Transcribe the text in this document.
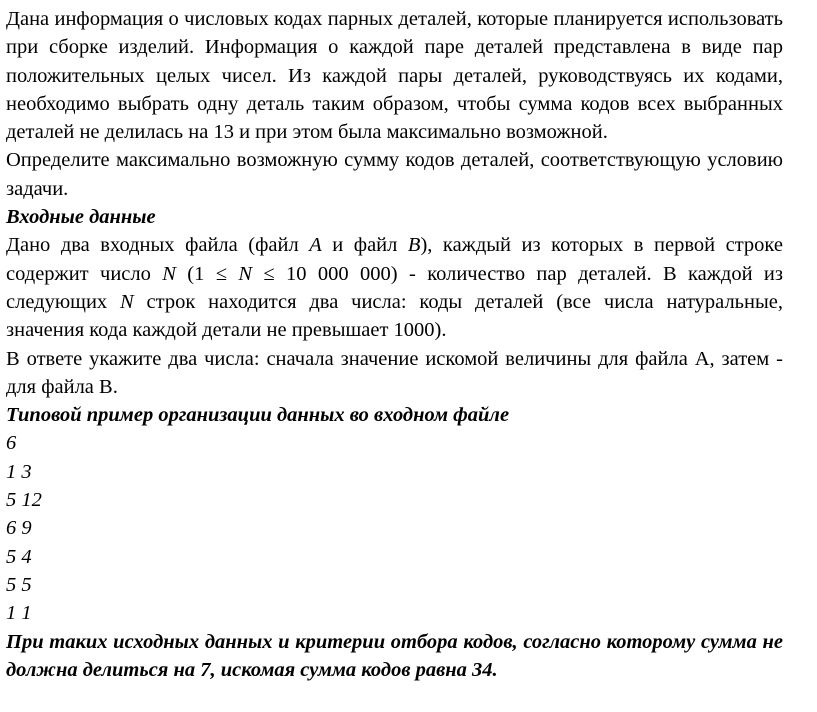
Дана информация о числовых кодах парных деталей, которые планируется использовать при сборке изделий. Информация о каждой паре деталей представлена в виде пар положительных целых чисел. Из каждой пары деталей, руководствуясь их кодами, необходимо выбрать одну деталь таким образом, чтобы сумма кодов всех выбранных деталей не делилась на 13 и при этом была максимально возможной.

Определите максимально возможную сумму кодов деталей, соответствующую условию задачи.

Входные данные

Дано два входных файла (файл A и файл B), каждый из которых в первой строке содержит число N (1 ≤ N ≤ 10 000 000) - количество пар деталей. В каждой из следующих N строк находится два числа: коды деталей (все числа натуральные, значения кода каждой детали не превышает 1000).

В ответе укажите два числа: сначала значение искомой величины для файла А, затем - для файла В.

Типовой пример организации данных во входном файле

6

1 3

5 12

6 9

5 4

5 5

1 1

При таких исходных данных и критерии отбора кодов, согласно которому сумма не должна делиться на 7, искомая сумма кодов равна 34.
